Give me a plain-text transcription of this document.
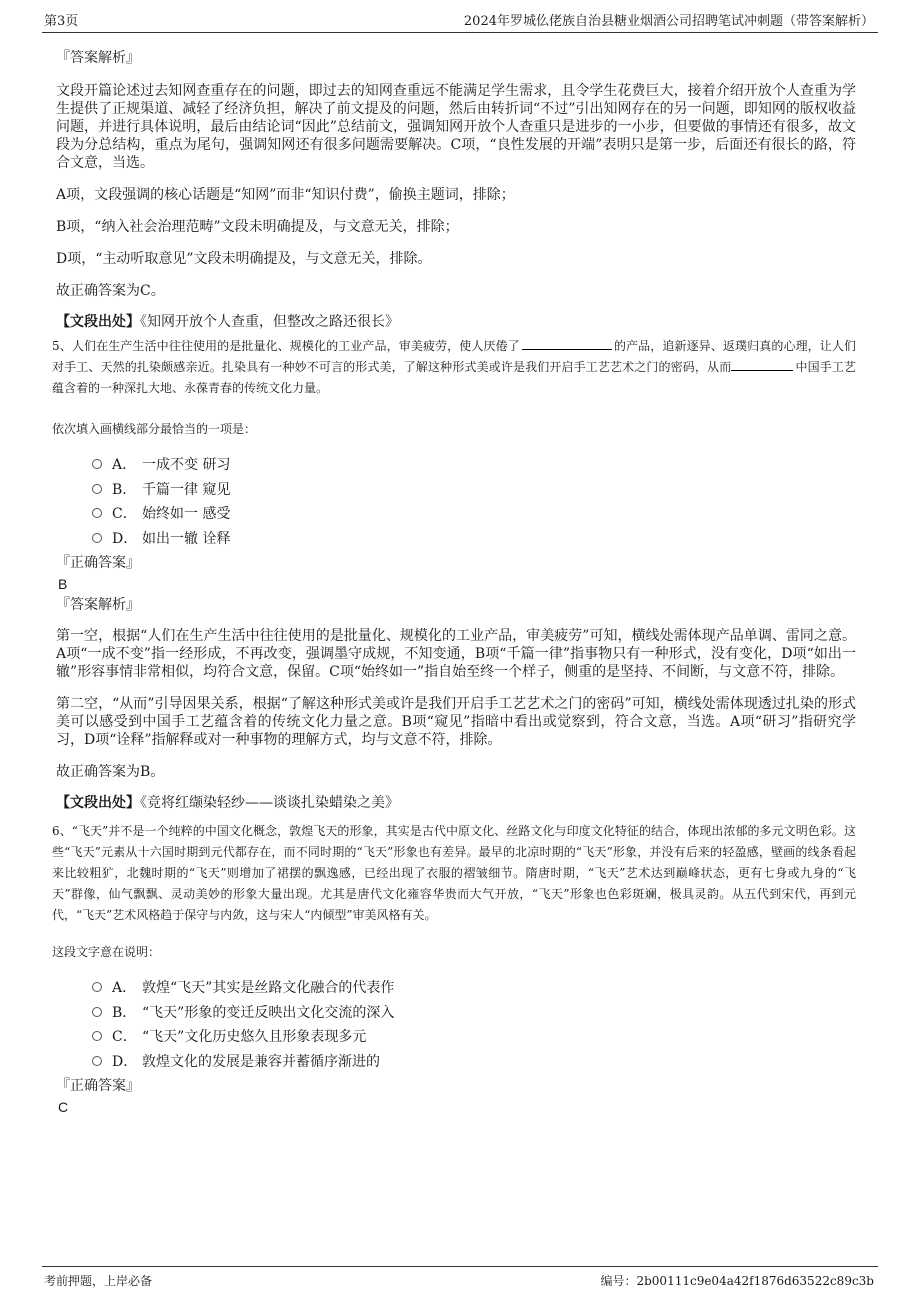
第3页	2024年罗城仫佬族自治县糖业烟酒公司招聘笔试冲刺题（带答案解析）
『答案解析』

文段开篇论述过去知网查重存在的问题，即过去的知网查重远不能满足学生需求，且令学生花费巨大，接着介绍开放个人查重为学生提供了正规渠道、减轻了经济负担，解决了前文提及的问题，然后由转折词“不过”引出知网存在的另一问题，即知网的版权收益问题，并进行具体说明，最后由结论词“因此”总结前文，强调知网开放个人查重只是进步的一小步，但要做的事情还有很多，故文段为分总结构，重点为尾句，强调知网还有很多问题需要解决。C项，“良性发展的开端”表明只是第一步，后面还有很长的路，符合文意，当选。

A项，文段强调的核心话题是“知网”而非“知识付费”，偷换主题词，排除；

B项，“纳入社会治理范畴”文段未明确提及，与文意无关，排除；

D项，“主动听取意见”文段未明确提及，与文意无关，排除。

故正确答案为C。

【文段出处】《知网开放个人查重，但整改之路还很长》
5、人们在生产生活中往往使用的是批量化、规模化的工业产品，审美疲劳，使人厌倦了	的产品，追新逐异、返璞归真的心理，让人们对手工、天然的扎染颇感亲近。扎染具有一种妙不可言的形式美，了解这种形式美或许是我们开启手工艺艺术之门的密码，从而	中国手工艺蕴含着的一种深扎大地、永葆青春的传统文化力量。
依次填入画横线部分最恰当的一项是：
A． 一成不变 研习
B． 千篇一律 窥见
C． 始终如一 感受
D． 如出一辙 诠释
『正确答案』
B
『答案解析』

第一空，根据“人们在生产生活中往往使用的是批量化、规模化的工业产品，审美疲劳”可知，横线处需体现产品单调、雷同之意。A项“一成不变”指一经形成，不再改变，强调墨守成规，不知变通，B项“千篇一律”指事物只有一种形式，没有变化，D项“如出一辙”形容事情非常相似，均符合文意，保留。C项“始终如一”指自始至终一个样子，侧重的是坚持、不间断，与文意不符，排除。

第二空，“从而”引导因果关系，根据“了解这种形式美或许是我们开启手工艺艺术之门的密码”可知，横线处需体现透过扎染的形式美可以感受到中国手工艺蕴含着的传统文化力量之意。B项“窥见”指暗中看出或觉察到，符合文意，当选。A项“研习”指研究学习，D项“诠释”指解释或对一种事物的理解方式，均与文意不符，排除。

故正确答案为B。

【文段出处】《竞将红缬染轻纱——谈谈扎染蜡染之美》
6、“飞天”并不是一个纯粹的中国文化概念，敦煌飞天的形象，其实是古代中原文化、丝路文化与印度文化特征的结合，体现出浓郁的多元文明色彩。这些“飞天”元素从十六国时期到元代都存在，而不同时期的“飞天”形象也有差异。最早的北凉时期的“飞天”形象，并没有后来的轻盈感，壁画的线条看起来比较粗犷，北魏时期的“飞天”则增加了裙摆的飘逸感，已经出现了衣服的褶皱细节。隋唐时期，“飞天”艺术达到巅峰状态，更有七身或九身的“飞天”群像，仙气飘飘、灵动美妙的形象大量出现。尤其是唐代文化雍容华贵而大气开放，“飞天”形象也色彩斑斓，极具灵韵。从五代到宋代，再到元代，“飞天”艺术风格趋于保守与内敛，这与宋人“内倾型”审美风格有关。
这段文字意在说明：
A． 敦煌“飞天”其实是丝路文化融合的代表作
B． “飞天”形象的变迁反映出文化交流的深入
C． “飞天”文化历史悠久且形象表现多元
D． 敦煌文化的发展是兼容并蓄循序渐进的
『正确答案』
C
考前押题，上岸必备	编号：2b00111c9e04a42f1876d63522c89c3b
